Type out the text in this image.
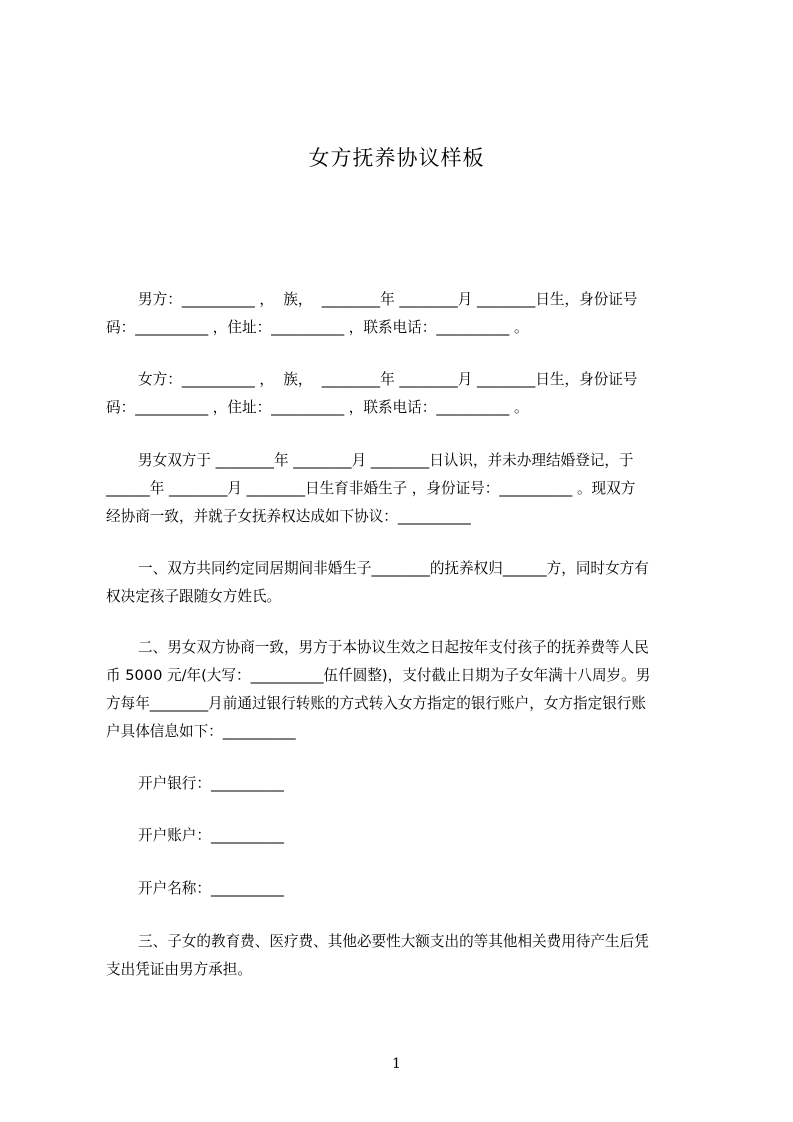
女方抚养协议样板
男方：__________ ，  族，  ________年 ________月 ________日生，身份证号
码：__________ ，住址：__________ ，联系电话：__________ 。
女方：__________ ，  族，  ________年 ________月 ________日生，身份证号
码：__________ ，住址：__________ ，联系电话：__________ 。
男女双方于 ________年 ________月 ________日认识，并未办理结婚登记，于
______年 ________月 ________日生育非婚生子 ，身份证号：__________ 。现双方
经协商一致，并就子女抚养权达成如下协议：__________
一、双方共同约定同居期间非婚生子________的抚养权归______方，同时女方有
权决定孩子跟随女方姓氏。
二、男女双方协商一致，男方于本协议生效之日起按年支付孩子的抚养费等人民
币 5000 元/年(大写：__________伍仟圆整)，支付截止日期为子女年满十八周岁。男
方每年________月前通过银行转账的方式转入女方指定的银行账户，女方指定银行账
户具体信息如下：__________
开户银行：__________
开户账户：__________
开户名称：__________
三、子女的教育费、医疗费、其他必要性大额支出的等其他相关费用待产生后凭
支出凭证由男方承担。
1
